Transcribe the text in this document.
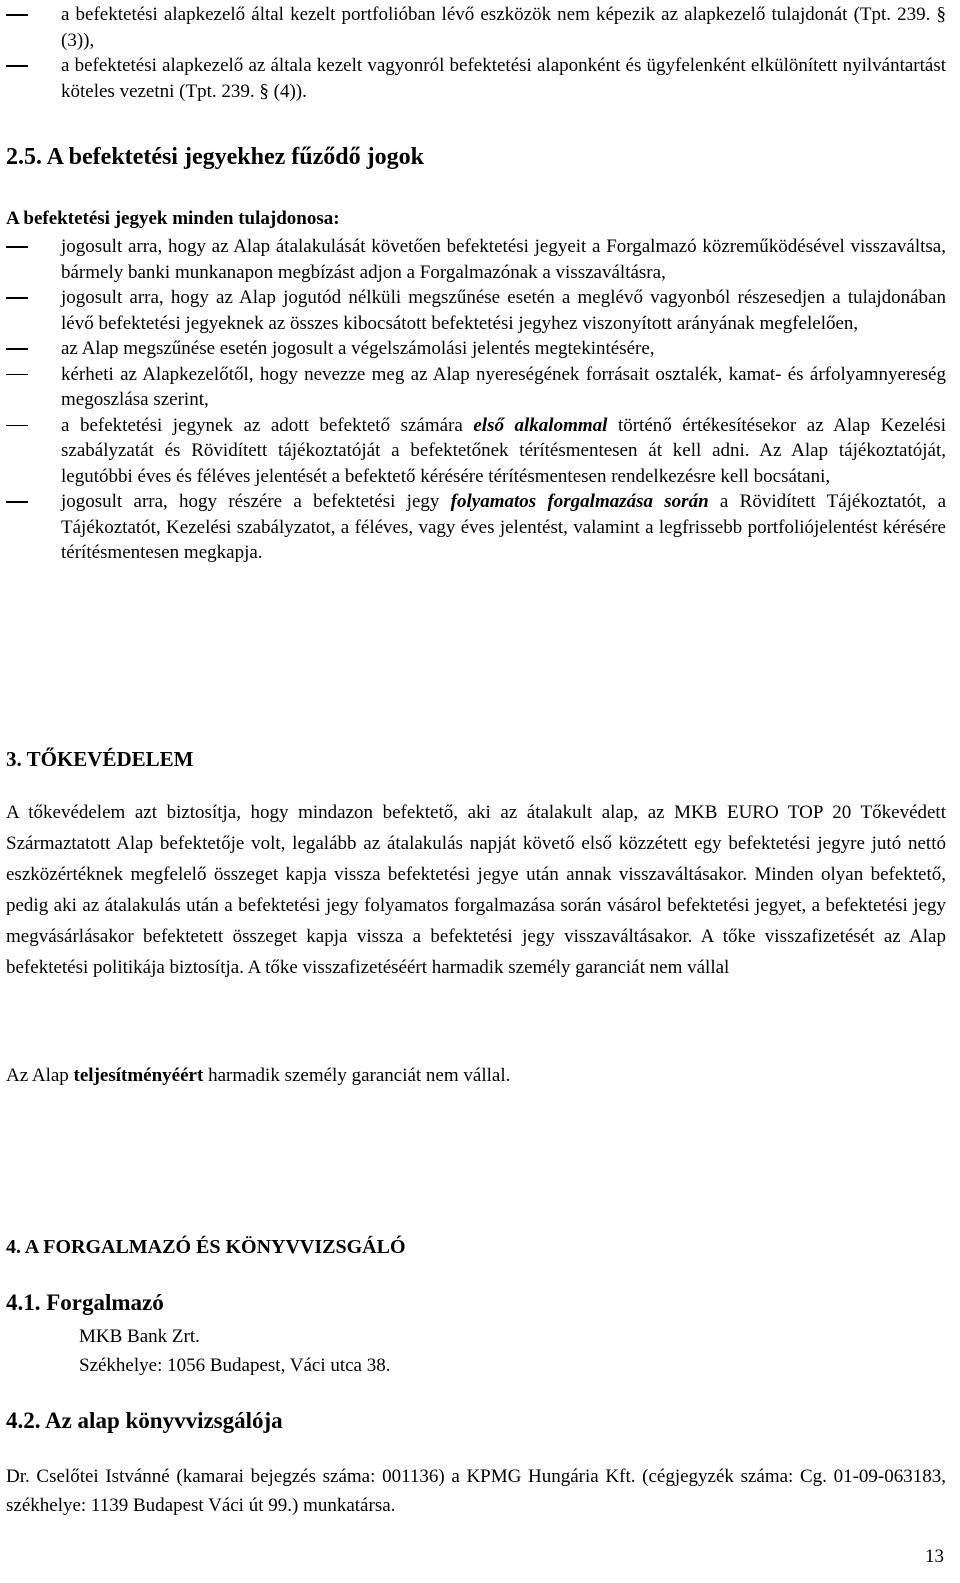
a befektetési alapkezelő által kezelt portfolióban lévő eszközök nem képezik az alapkezelő tulajdonát (Tpt. 239. § (3)),
a befektetési alapkezelő az általa kezelt vagyonról befektetési alaponként és ügyfelenként elkülönített nyilvántartást köteles vezetni (Tpt. 239. § (4)).
2.5. A befektetési jegyekhez fűződő jogok
A befektetési jegyek minden tulajdonosa:
jogosult arra, hogy az Alap átalakulását követően befektetési jegyeit a Forgalmazó közreműködésével visszaváltsa, bármely banki munkanapon megbízást adjon a Forgalmazónak a visszaváltásra,
jogosult arra, hogy az Alap jogutód nélküli megszűnése esetén a meglévő vagyonból részesedjen a tulajdonában lévő befektetési jegyeknek az összes kibocsátott befektetési jegyhez viszonyított arányának megfelelően,
az Alap megszűnése esetén jogosult a végelszámolási jelentés megtekintésére,
kérheti az Alapkezelőtől, hogy nevezze meg az Alap nyereségének forrásait osztalék, kamat- és árfolyamnyereség megoszlása szerint,
a befektetési jegynek az adott befektető számára első alkalommal történő értékesítésekor az Alap Kezelési szabályzatát és Rövidített tájékoztatóját a befektetőnek térítésmentesen át kell adni. Az Alap tájékoztatóját, legutóbbi éves és féléves jelentését a befektető kérésére térítésmentesen rendelkezésre kell bocsátani,
jogosult arra, hogy részére a befektetési jegy folyamatos forgalmazása során a Rövidített Tájékoztatót, a Tájékoztatót, Kezelési szabályzatot, a féléves, vagy éves jelentést, valamint a legfrissebb portfoliójelentést kérésére térítésmentesen megkapja.
3. TŐKEVÉDELEM
A tőkevédelem azt biztosítja, hogy mindazon befektető, aki az átalakult alap, az MKB EURO TOP 20 Tőkevédett Származtatott Alap befektetője volt, legalább az átalakulás napját követő első közzétett egy befektetési jegyre jutó nettó eszközértéknek megfelelő összeget kapja vissza befektetési jegye után annak visszaváltásakor. Minden olyan befektető, pedig aki az átalakulás után a befektetési jegy folyamatos forgalmazása során vásárol befektetési jegyet, a befektetési jegy megvásárlásakor befektetett összeget kapja vissza a befektetési jegy visszaváltásakor. A tőke visszafizetését az Alap befektetési politikája biztosítja. A tőke visszafizetéséért harmadik személy garanciát nem vállal
Az Alap teljesítményéért harmadik személy garanciát nem vállal.
4. A FORGALMAZÓ ÉS KÖNYVVIZSGÁLÓ
4.1. Forgalmazó
MKB Bank Zrt.
Székhelye: 1056 Budapest, Váci utca 38.
4.2. Az alap könyvvizsgálója
Dr. Cselőtei Istvánné (kamarai bejegzés száma: 001136) a KPMG Hungária Kft. (cégjegyzék száma: Cg. 01-09-063183, székhelye: 1139 Budapest Váci út 99.) munkatársa.
13
